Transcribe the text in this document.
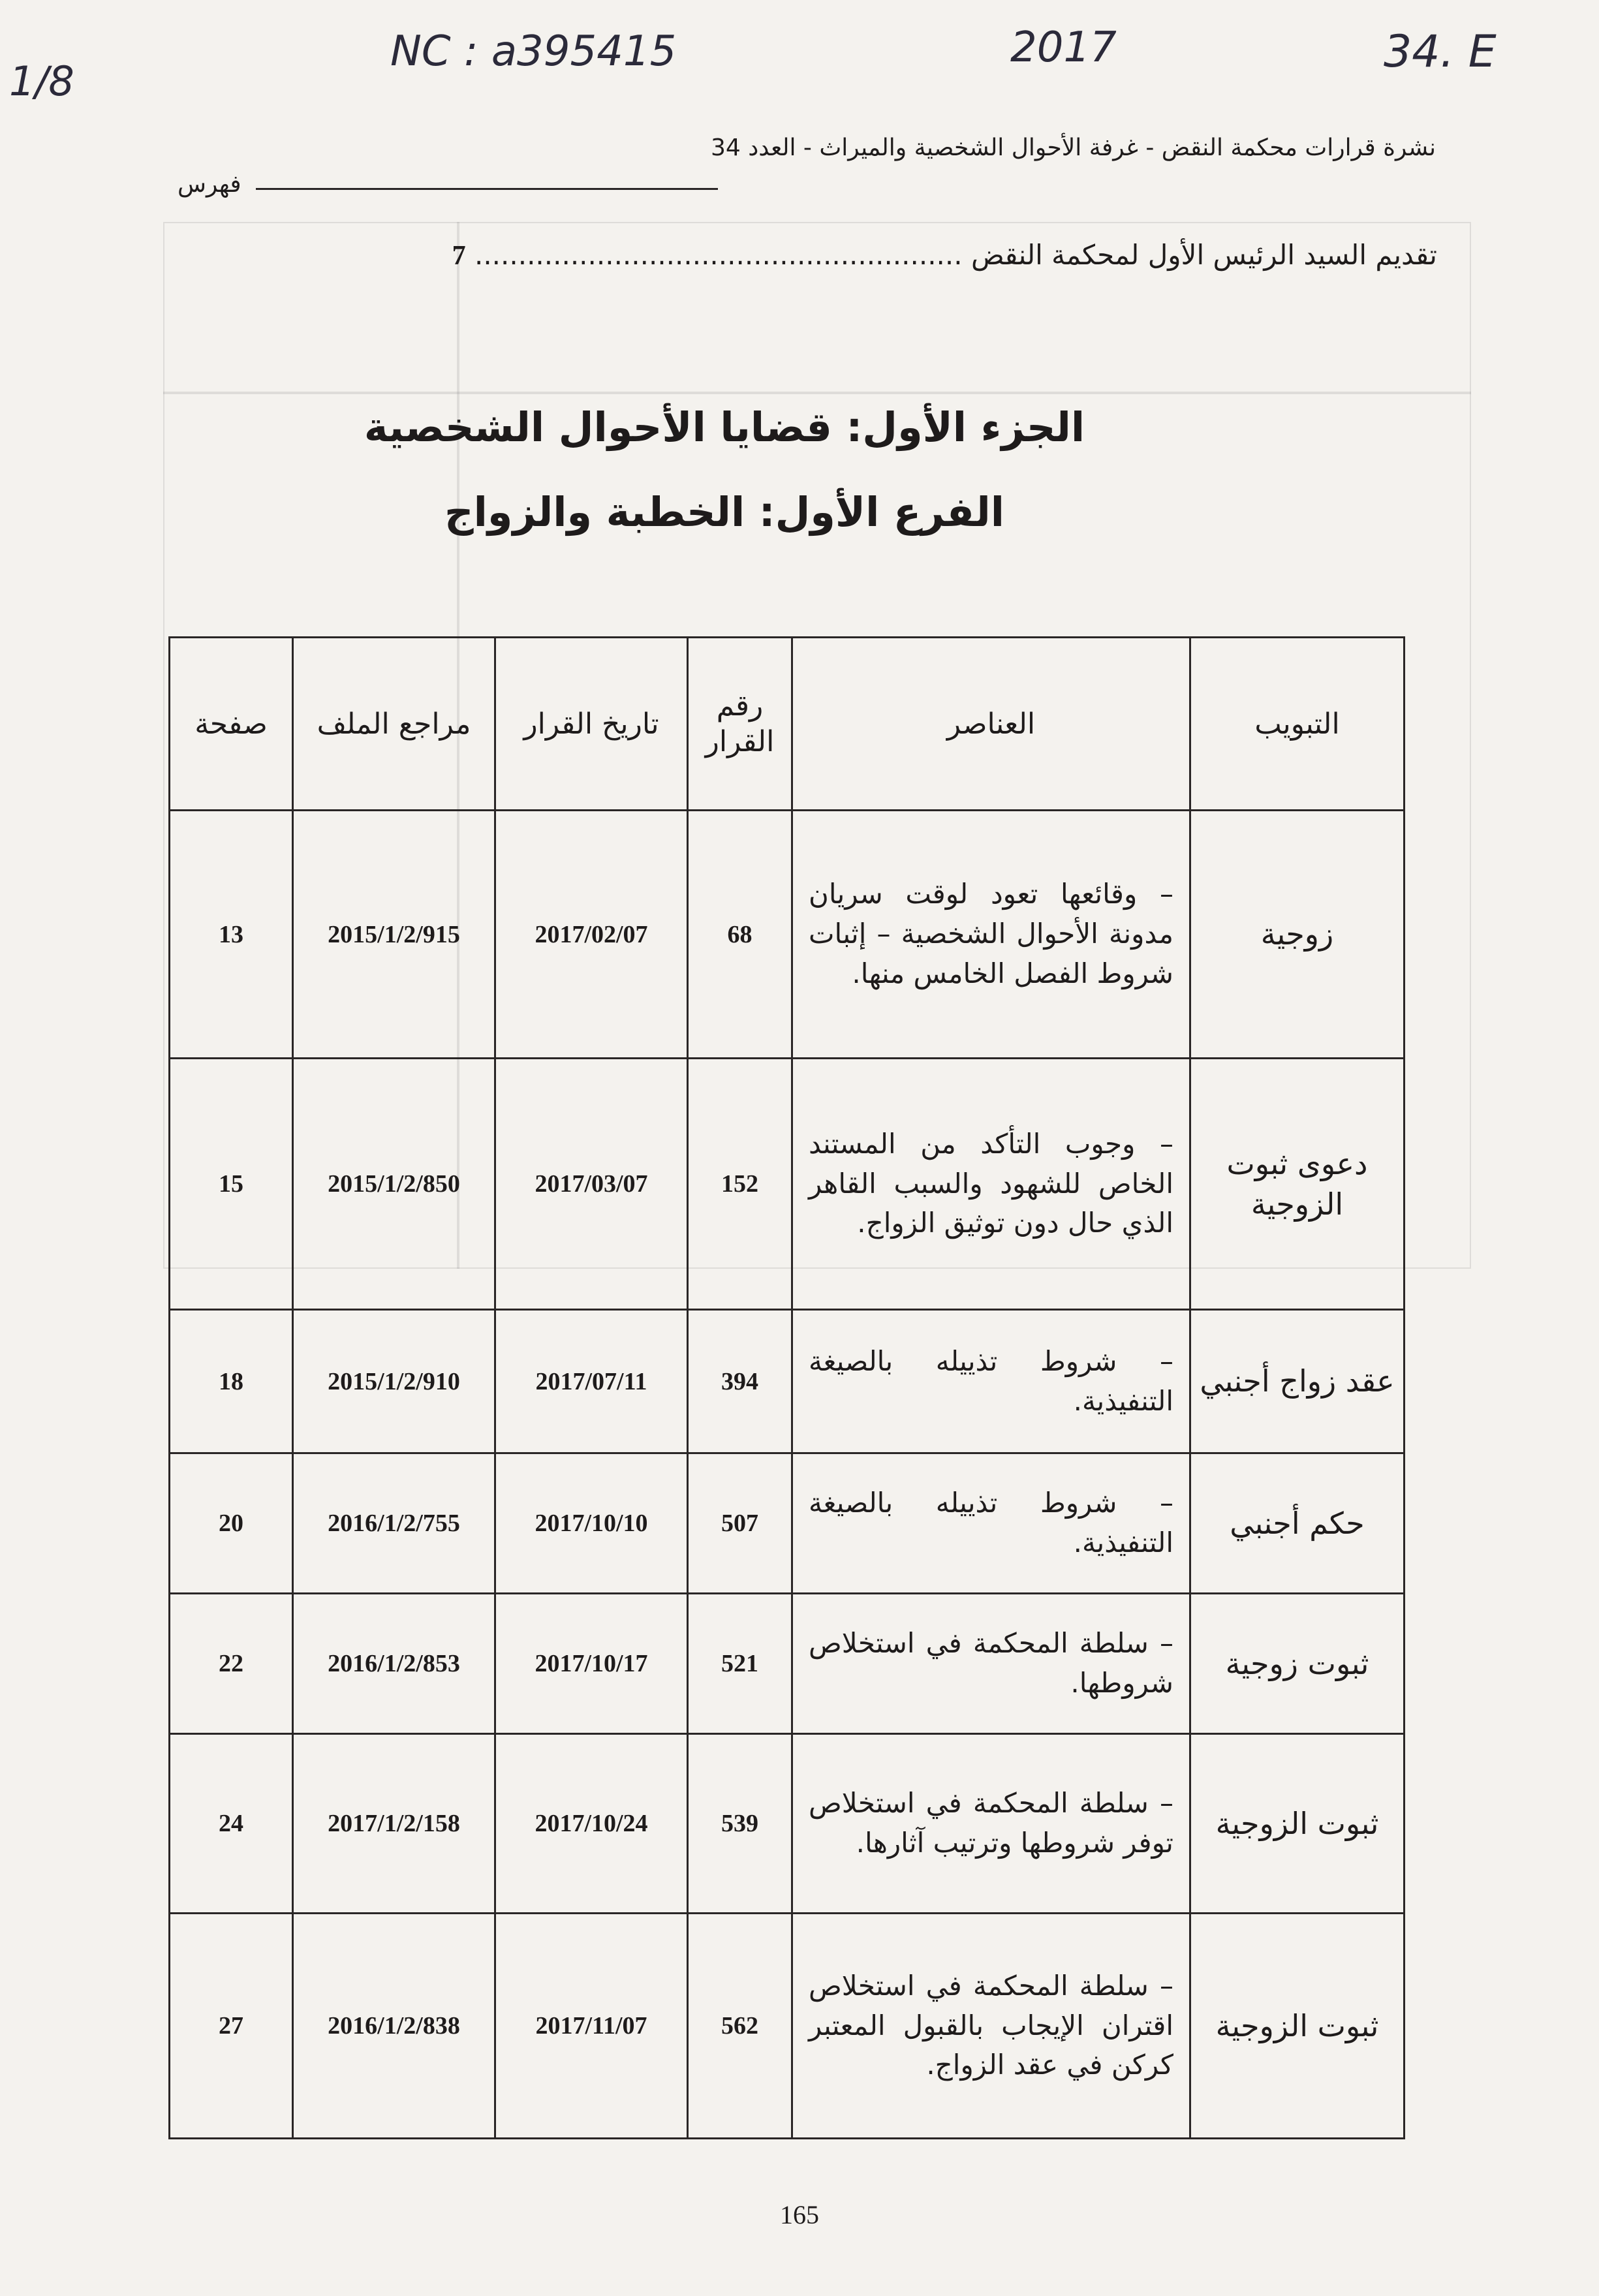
NC : a395415	2017	34. E
1/8
نشرة قرارات محكمة النقض - غرفة الأحوال الشخصية والميراث - العدد 34
فهرس
تقديم السيد الرئيس الأول لمحكمة النقض ........................................................ 7
الجزء الأول: قضايا الأحوال الشخصية
الفرع الأول: الخطبة والزواج
التبويب	العناصر	رقم القرار	تاريخ القرار	مراجع الملف	صفحة
زوجية	– وقائعها تعود لوقت سريان مدونة الأحوال الشخصية – إثبات شروط الفصل الخامس منها.	68	2017/02/07	2015/1/2/915	13
دعوى ثبوت الزوجية	– وجوب التأكد من المستند الخاص للشهود والسبب القاهر الذي حال دون توثيق الزواج.	152	2017/03/07	2015/1/2/850	15
عقد زواج أجنبي	– شروط تذييله بالصيغة التنفيذية.	394	2017/07/11	2015/1/2/910	18
حكم أجنبي	– شروط تذييله بالصيغة التنفيذية.	507	2017/10/10	2016/1/2/755	20
ثبوت زوجية	– سلطة المحكمة في استخلاص شروطها.	521	2017/10/17	2016/1/2/853	22
ثبوت الزوجية	– سلطة المحكمة في استخلاص توفر شروطها وترتيب آثارها.	539	2017/10/24	2017/1/2/158	24
ثبوت الزوجية	– سلطة المحكمة في استخلاص اقتران الإيجاب بالقبول المعتبر كركن في عقد الزواج.	562	2017/11/07	2016/1/2/838	27
165
